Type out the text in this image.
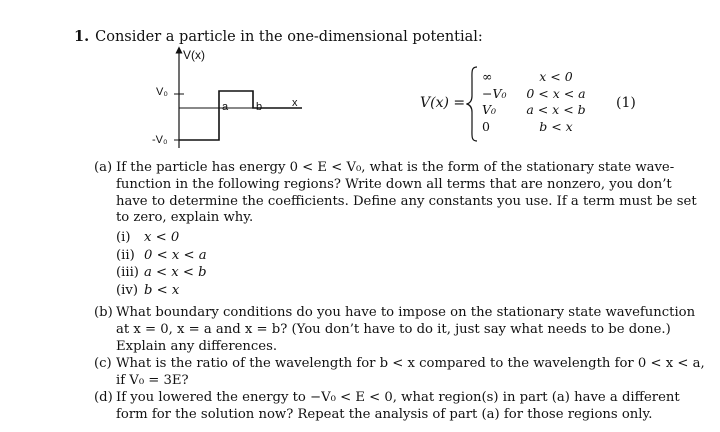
1. Consider a particle in the one-dimensional potential:
V(x)
V₀
a	b	x
-V₀
V(x) =
∞	x < 0
−V₀	0 < x < a
V₀	a < x < b
0	b < x
(1)
(a) If the particle has energy 0 < E < V₀, what is the form of the stationary state wave-
function in the following regions? Write down all terms that are nonzero, you don’t
have to determine the coefficients. Define any constants you use. If a term must be set
to zero, explain why.
(i) x < 0
(ii) 0 < x < a
(iii) a < x < b
(iv) b < x
(b) What boundary conditions do you have to impose on the stationary state wavefunction
at x = 0, x = a and x = b? (You don’t have to do it, just say what needs to be done.)
Explain any differences.
(c) What is the ratio of the wavelength for b < x compared to the wavelength for 0 < x < a,
if V₀ = 3E?
(d) If you lowered the energy to −V₀ < E < 0, what region(s) in part (a) have a different
form for the solution now? Repeat the analysis of part (a) for those regions only.
